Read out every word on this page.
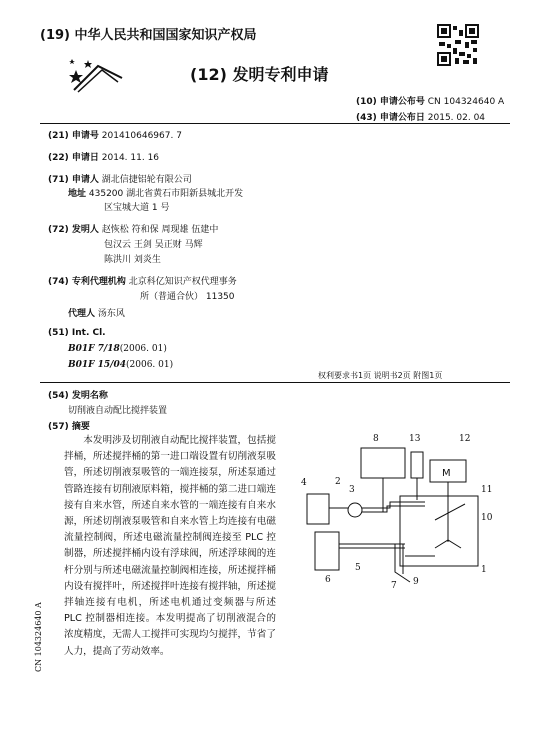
(19) 中华人民共和国国家知识产权局
(12) 发明专利申请
(10) 申请公布号 CN 104324640 A
(43) 申请公布日 2015. 02. 04
(21) 申请号 201410646967. 7
(22) 申请日 2014. 11. 16
(71) 申请人 湖北信捷铝轮有限公司
地址 435200 湖北省黄石市阳新县城北开发
区宝城大道 1 号
(72) 发明人 赵恢松 符和保 周现雄 伍建中
包汉云 王剑 吴正财 马辉
陈洪川 刘炎生
(74) 专利代理机构 北京科亿知识产权代理事务
所（普通合伙） 11350
代理人 汤东风
(51) Int. Cl.
B01F 7/18(2006. 01)
B01F 15/04(2006. 01)
权利要求书1页 说明书2页 附图1页
(54) 发明名称
切削液自动配比搅拌装置
(57) 摘要

本发明涉及切削液自动配比搅拌装置，包括搅拌桶，所述搅拌桶的第一进口端设置有切削液泵吸管，所述切削液泵吸管的一端连接泵，所述泵通过管路连接有切削液原料箱，搅拌桶的第二进口端连接有自来水管，所述自来水管的一端连接有自来水源，所述切削液泵吸管和自来水管上均连接有电磁流量控制阀，所述电磁流量控制阀连接至 PLC 控制器，所述搅拌桶内设有浮球阀，所述浮球阀的连杆分别与所述电磁流量控制阀相连接，所述搅拌桶内设有搅拌叶，所述搅拌叶连接有搅拌轴，所述搅拌轴连接有电机，所述电机通过变频器与所述 PLC 控制器相连接。本发明提高了切削液混合的浓度精度，无需人工搅拌可实现均匀搅拌，节省了人力，提高了劳动效率。

M
8	13	12
4	2
3	11
10
6
5
7 9
1
CN 104324640 A
